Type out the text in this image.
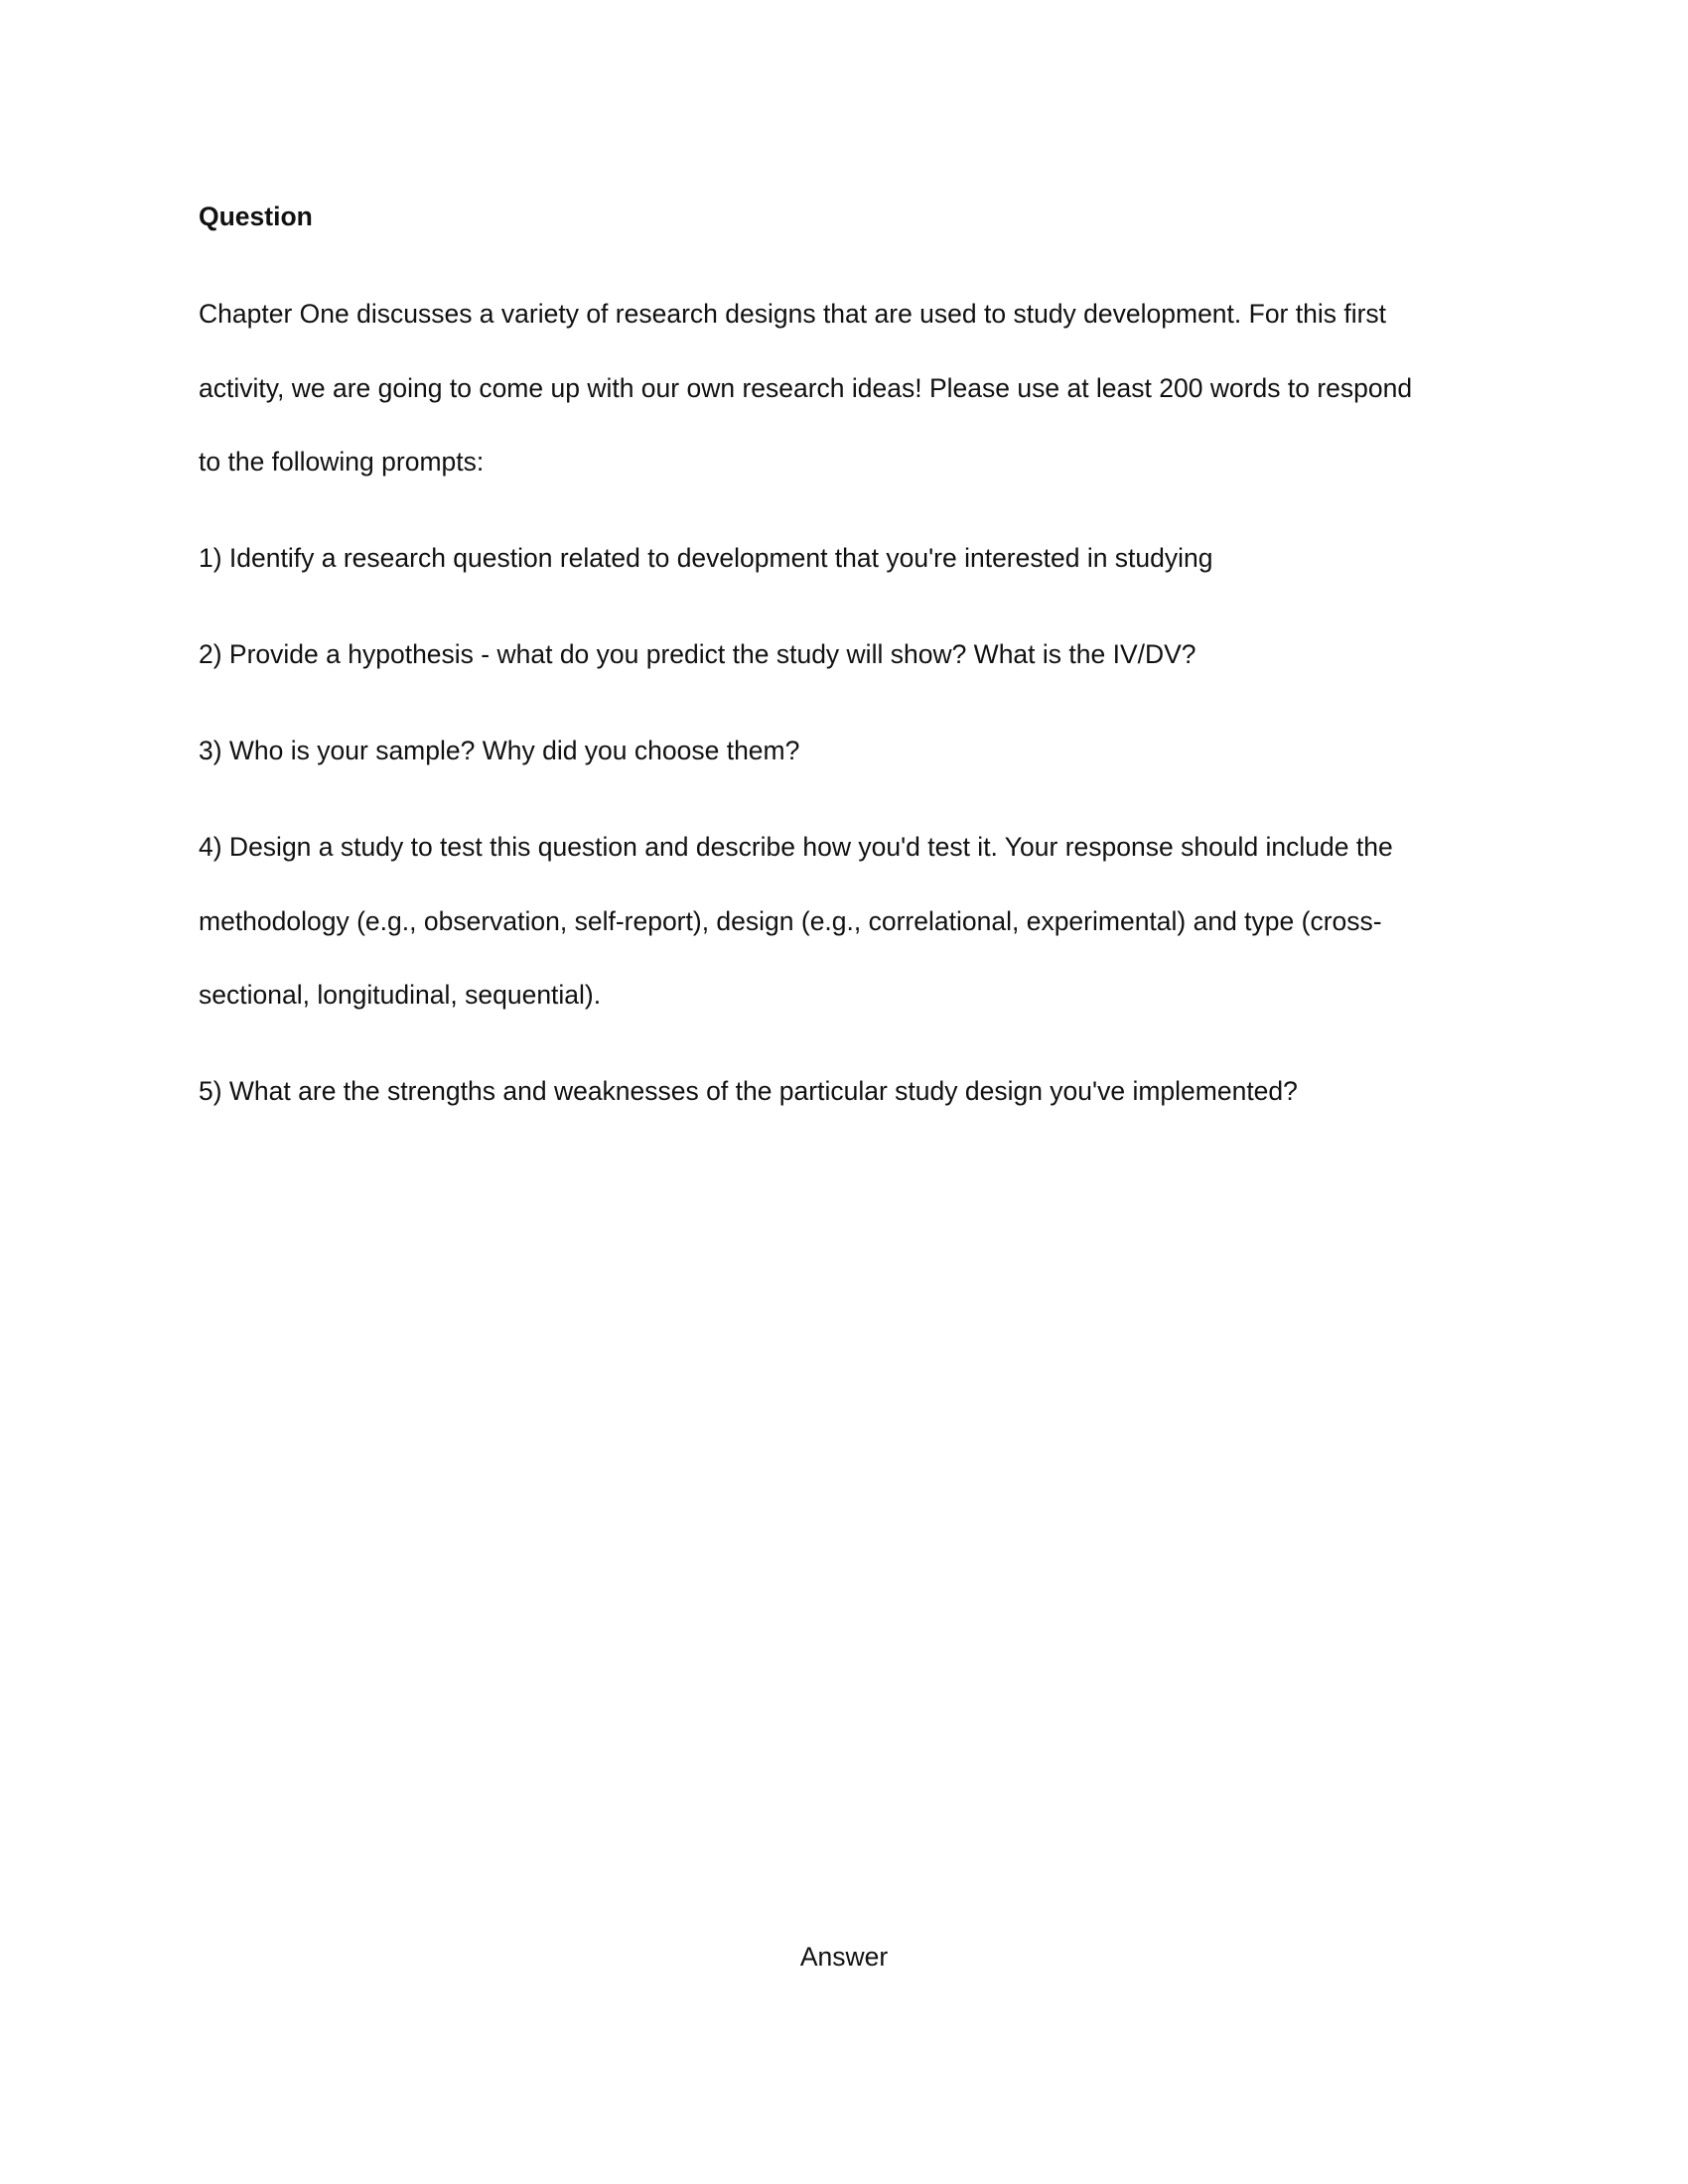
Question
Chapter One discusses a variety of research designs that are used to study development. For this first
activity, we are going to come up with our own research ideas! Please use at least 200 words to respond
to the following prompts:
1) Identify a research question related to development that you're interested in studying
2) Provide a hypothesis - what do you predict the study will show? What is the IV/DV?
3) Who is your sample? Why did you choose them?
4) Design a study to test this question and describe how you'd test it. Your response should include the
methodology (e.g., observation, self-report), design (e.g., correlational, experimental) and type (cross-
sectional, longitudinal, sequential).
5) What are the strengths and weaknesses of the particular study design you've implemented?
Answer
